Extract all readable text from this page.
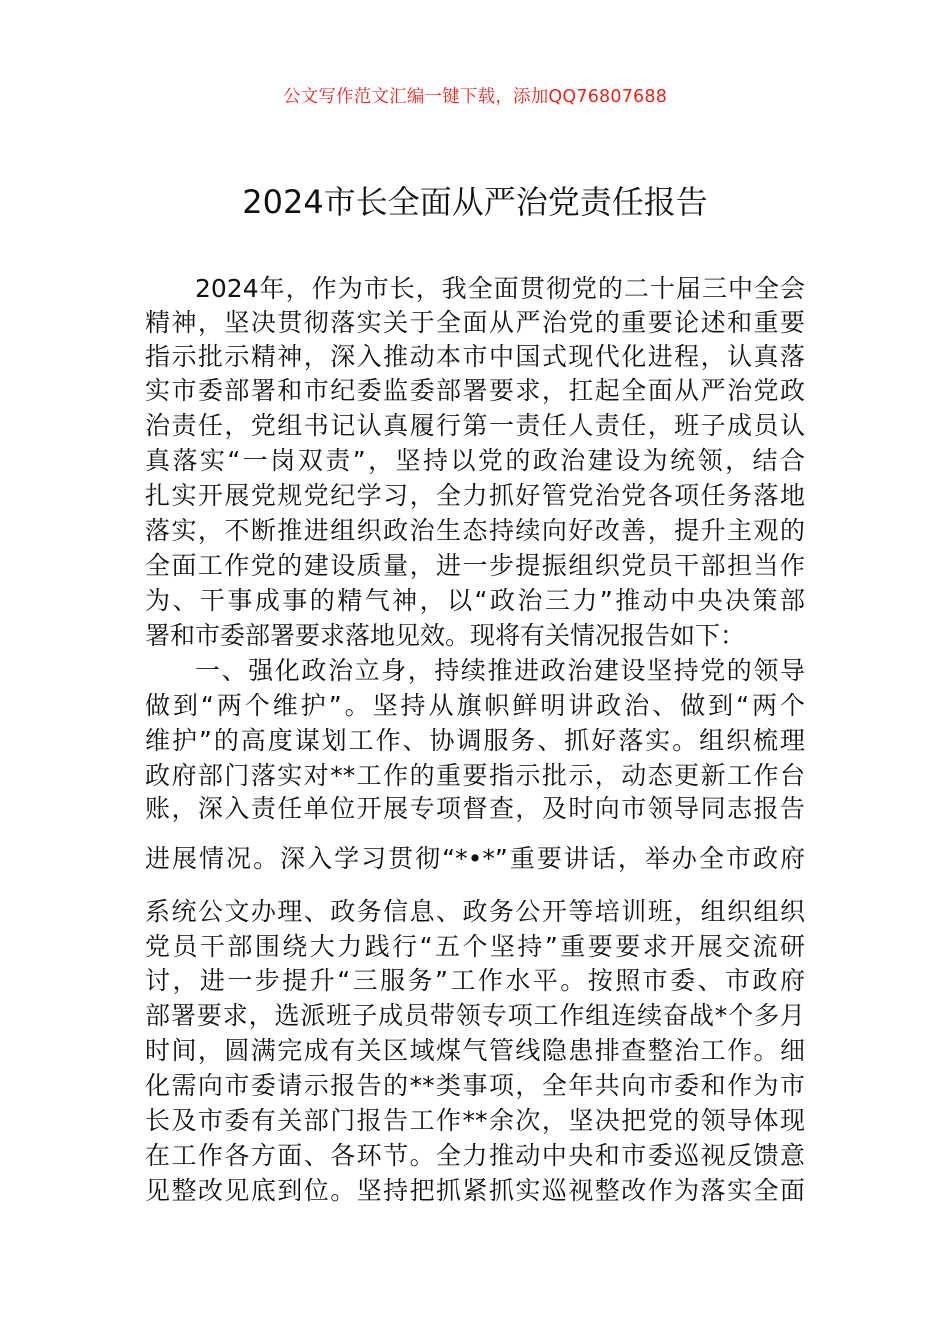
公文写作范文汇编一键下载，添加QQ76807688
2024市长全面从严治党责任报告
2024年，作为市长，我全面贯彻党的二十届三中全会
精神，坚决贯彻落实关于全面从严治党的重要论述和重要
指示批示精神，深入推动本市中国式现代化进程，认真落
实市委部署和市纪委监委部署要求，扛起全面从严治党政
治责任，党组书记认真履行第一责任人责任，班子成员认
真落实“一岗双责”，坚持以党的政治建设为统领，结合
扎实开展党规党纪学习，全力抓好管党治党各项任务落地
落实，不断推进组织政治生态持续向好改善，提升主观的
全面工作党的建设质量，进一步提振组织党员干部担当作
为、干事成事的精气神，以“政治三力”推动中央决策部
署和市委部署要求落地见效。现将有关情况报告如下：
一、强化政治立身，持续推进政治建设坚持党的领导
做到“两个维护”。坚持从旗帜鲜明讲政治、做到“两个
维护”的高度谋划工作、协调服务、抓好落实。组织梳理
政府部门落实对**工作的重要指示批示，动态更新工作台
账，深入责任单位开展专项督查，及时向市领导同志报告
进展情况。深入学习贯彻“*•*”重要讲话，举办全市政府
系统公文办理、政务信息、政务公开等培训班，组织组织
党员干部围绕大力践行“五个坚持”重要要求开展交流研
讨，进一步提升“三服务”工作水平。按照市委、市政府
部署要求，选派班子成员带领专项工作组连续奋战*个多月
时间，圆满完成有关区域煤气管线隐患排查整治工作。细
化需向市委请示报告的**类事项，全年共向市委和作为市
长及市委有关部门报告工作**余次，坚决把党的领导体现
在工作各方面、各环节。全力推动中央和市委巡视反馈意
见整改见底到位。坚持把抓紧抓实巡视整改作为落实全面
